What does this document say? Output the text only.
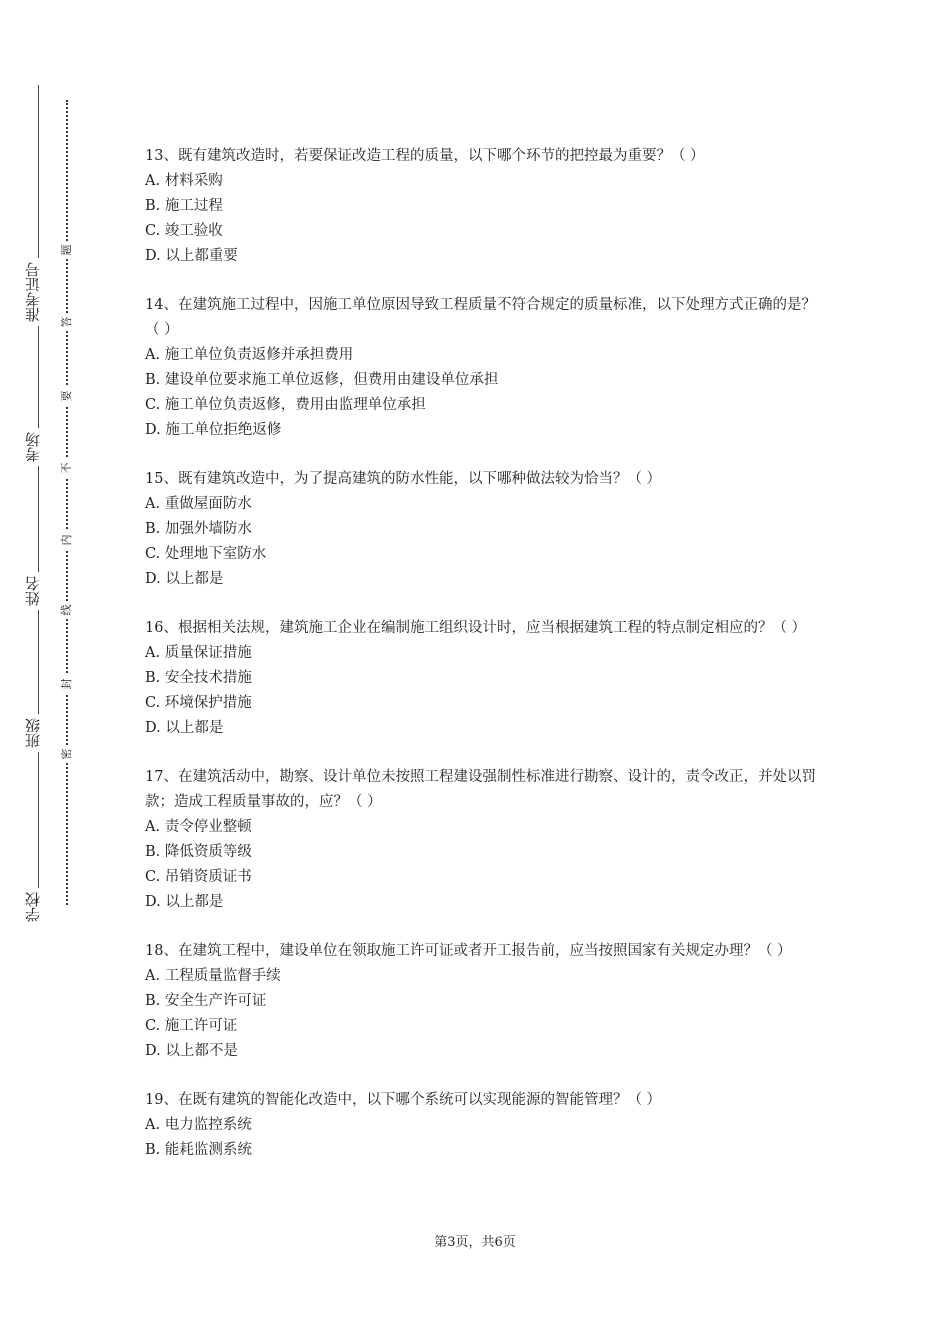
准考证号
考场
姓名
班级
学校
题
答
要
不
内
线
封
密
13、既有建筑改造时，若要保证改造工程的质量，以下哪个环节的把控最为重要？（ ）
A. 材料采购
B. 施工过程
C. 竣工验收
D. 以上都重要
14、在建筑施工过程中，因施工单位原因导致工程质量不符合规定的质量标准，以下处理方式正确的是？（ ）
A. 施工单位负责返修并承担费用
B. 建设单位要求施工单位返修，但费用由建设单位承担
C. 施工单位负责返修，费用由监理单位承担
D. 施工单位拒绝返修
15、既有建筑改造中，为了提高建筑的防水性能，以下哪种做法较为恰当？（ ）
A. 重做屋面防水
B. 加强外墙防水
C. 处理地下室防水
D. 以上都是
16、根据相关法规，建筑施工企业在编制施工组织设计时，应当根据建筑工程的特点制定相应的？（ ）
A. 质量保证措施
B. 安全技术措施
C. 环境保护措施
D. 以上都是
17、在建筑活动中，勘察、设计单位未按照工程建设强制性标准进行勘察、设计的，责令改正，并处以罚款；造成工程质量事故的，应？（ ）
A. 责令停业整顿
B. 降低资质等级
C. 吊销资质证书
D. 以上都是
18、在建筑工程中，建设单位在领取施工许可证或者开工报告前，应当按照国家有关规定办理？（ ）
A. 工程质量监督手续
B. 安全生产许可证
C. 施工许可证
D. 以上都不是
19、在既有建筑的智能化改造中，以下哪个系统可以实现能源的智能管理？（ ）
A. 电力监控系统
B. 能耗监测系统
第3页，共6页
